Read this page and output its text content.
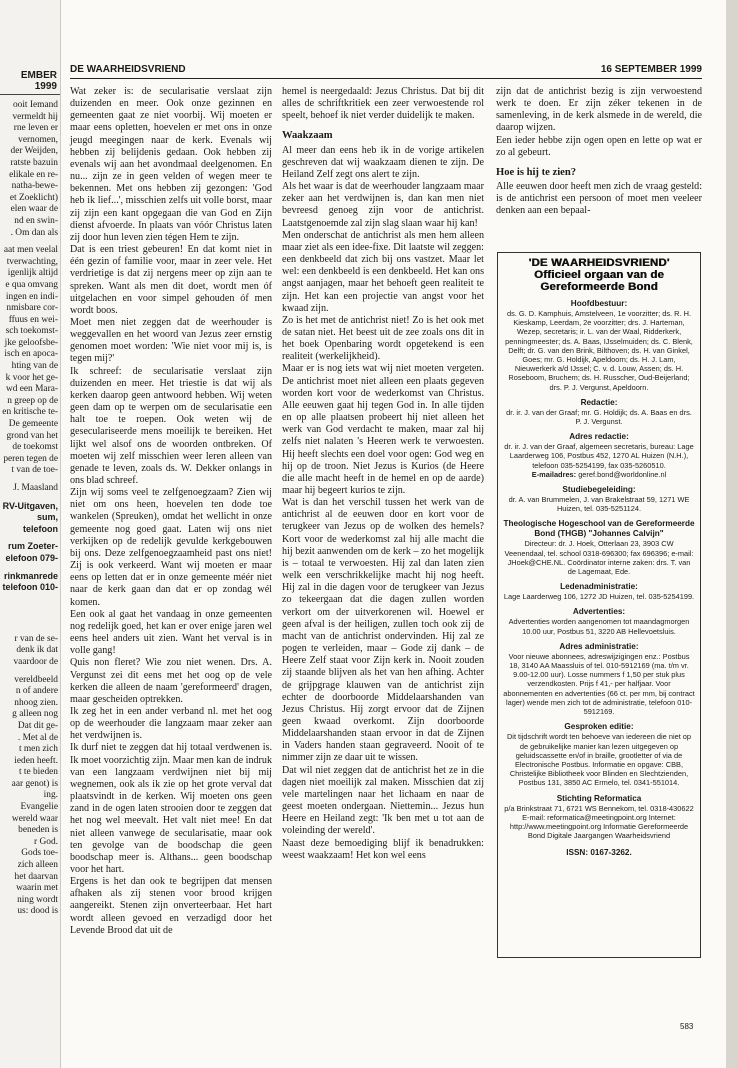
EMBER 1999

ooit Iemand
vermeldt hij
rne leven er
vernomen,
der Weijden,
ratste bazuin
elikale en re-
natha-bewe-
et Zoeklicht)
elen waar de
nd en swin-
. Om dan als

aat men veelal
tverwachting,
igenlijk altijd
e qua omvang
ingen en indi-
nmisbare cor-
ffuus en wei-
sch toekomst-
jke geloofsbe-
isch en apoca-
hting van de
k voor het ge-
wd een Mara-
n greep op de
en kritische te-
De gemeente
grond van het
de toekomst
peren tegen de
t van de toe-

J. Maasland

RV-Uitgaven,
sum, telefoon

rum Zoeter-
elefoon 079-

rinkmanrede
telefoon 010-

r van de se-
denk ik dat
vaardoor de

vereldbeeld
n of andere
nhoog zien.
g alleen nog
Dat dit ge-
. Met al de
t men zich
ieden heeft.
t te bieden
aar genot) is
ing.
Evangelie
wereld waar
beneden is
r God.
Gods toe-
zich alleen
het daarvan
waarin met
ning wordt
us: dood is

DE WAARHEIDSVRIEND	16 SEPTEMBER 1999

Wat zeker is: de secularisatie verslaat zijn duizenden en meer. Ook onze gezinnen en gemeenten gaat ze niet voorbij. Wij moeten er maar eens opletten, hoevelen er met ons in onze jeugd meegingen naar de kerk. Evenals wij hebben zij belijdenis gedaan. Ook hebben zij evenals wij aan het avondmaal deelgenomen. En nu... zijn ze in geen velden of wegen meer te bekennen. Met ons hebben zij gezongen: 'God heb ik lief...', misschien zelfs uit volle borst, maar zij zijn een kant opgegaan die van God en Zijn dienst afvoerde. In plaats van vóór Christus laten zij door hun leven zien tégen Hem te zijn.

Dat is een triest gebeuren! En dat komt niet in één gezin of familie voor, maar in zeer vele. Het verdrietige is dat zij nergens meer op zijn aan te spreken. Want als men dit doet, wordt men óf uitgelachen en voor simpel gehouden óf men wordt boos.

Moet men niet zeggen dat de weerhouder is weggevallen en het woord van Jezus zeer ernstig genomen moet worden: 'Wie niet voor mij is, is tegen mij?'

Ik schreef: de secularisatie verslaat zijn duizenden en meer. Het triestie is dat wij als kerken daarop geen antwoord hebben. Wij weten geen dam op te werpen om de secularisatie een halt toe te roepen. Ook weten wij de geseculariseerde mens moeilijk te bereiken. Het lijkt wel alsof ons de woorden ontbreken. Of moeten wij zelf misschien weer leren alleen van genade te leven, zoals ds. W. Dekker onlangs in ons blad schreef.

Zijn wij soms veel te zelfgenoegzaam? Zien wij niet om ons heen, hoevelen ten dode toe wankelen (Spreuken), omdat het wellicht in onze gemeente nog goed gaat. Laten wij ons niet verkijken op de redelijk gevulde kerkgebouwen bij ons. Deze zelfgenoegzaamheid past ons niet! Zij is ook verkeerd. Want wij moeten er maar eens op letten dat er in onze gemeente méér niet naar de kerk gaan dan dat er op zondag wél komen.

Een ook al gaat het vandaag in onze gemeenten nog redelijk goed, het kan er over enige jaren wel eens heel anders uit zien. Want het verval is in volle gang!

Quis non fleret? Wie zou niet wenen. Drs. A. Vergunst zei dit eens met het oog op de vele kerken die alleen de naam 'gereformeerd' dragen, maar gescheiden optrekken.

Ik zeg het in een ander verband nl. met het oog op de weerhouder die langzaam maar zeker aan het verdwijnen is.

Ik durf niet te zeggen dat hij totaal verdwenen is. Ik moet voorzichtig zijn. Maar men kan de indruk van een langzaam verdwijnen niet bij mij wegnemen, ook als ik zie op het grote verval dat plaatsvindt in de kerken. Wij moeten ons geen zand in de ogen laten strooien door te zeggen dat het nog wel meevalt. Het valt niet mee! En dat niet alleen vanwege de secularisatie, maar ook ten gevolge van de boodschap die geen boodschap meer is. Althans... geen boodschap voor het hart.

Ergens is het dan ook te begrijpen dat mensen afhaken als zij stenen voor brood krijgen aangereikt. Stenen zijn onverteerbaar. Het hart wordt alleen gevoed en verzadigd door het Levende Brood dat uit de

hemel is neergedaald: Jezus Christus. Dat bij dit alles de schriftkritiek een zeer verwoestende rol speelt, behoef ik niet verder duidelijk te maken.

Waakzaam

Al meer dan eens heb ik in de vorige artikelen geschreven dat wij waakzaam dienen te zijn. De Heiland Zelf zegt ons alert te zijn.

Als het waar is dat de weerhouder langzaam maar zeker aan het verdwijnen is, dan kan men niet bevreesd genoeg zijn voor de antichrist. Laatstgenoemde zal zijn slag slaan waar hij kan!

Men onderschat de antichrist als men hem alleen maar ziet als een idee-fixe. Dit laatste wil zeggen: een denkbeeld dat zich bij ons vastzet. Maar let wel: een denkbeeld is een denkbeeld. Het kan ons angst aanjagen, maar het behoeft geen realiteit te zijn. Het kan een projectie van angst voor het kwaad zijn.

Zo is het met de antichrist niet! Zo is het ook met de satan niet. Het beest uit de zee zoals ons dit in het boek Openbaring wordt opgetekend is een realiteit (werkelijkheid).

Maar er is nog iets wat wij niet moeten vergeten. De antichrist moet niet alleen een plaats gegeven worden kort voor de wederkomst van Christus. Alle eeuwen gaat hij tegen God in. In alle tijden en op alle plaatsen probeert hij niet alleen het werk van God verdacht te maken, maar zal hij zelfs niet nalaten 's Heeren werk te verwoesten. Hij heeft slechts een doel voor ogen: God weg en hij op de troon. Niet Jezus is Kurios (de Heere die alle macht heeft in de hemel en op de aarde) maar hij begeert kurios te zijn.

Wat is dan het verschil tussen het werk van de antichrist al de eeuwen door en kort voor de terugkeer van Jezus op de wolken des hemels? Kort voor de wederkomst zal hij alle macht die hij bezit aanwenden om de kerk – zo het mogelijk is – totaal te verwoesten. Hij zal dan laten zien welk een verschrikkelijke macht hij nog heeft. Hij zal in die dagen voor de terugkeer van Jezus zo tekeergaan dat die dagen zullen worden verkort om der uitverkorenen wil. Hoewel er geen afval is der heiligen, zullen toch ook zij de macht van de antichrist ondervinden. Hij zal ze pogen te verleiden, maar – Gode zij dank – de Heere Zelf staat voor Zijn kerk in. Nooit zouden zij staande blijven als het van hen afhing. Achter de grijpgrage klauwen van de antichrist zijn echter de doorboorde Middelaarshanden van Jezus Christus. Hij zorgt ervoor dat de Zijnen geen kwaad overkomt. Zijn doorboorde Middelaarshanden staan ervoor in dat de Zijnen in Vaders handen staan gegraveerd. Nooit of te nimmer zijn ze daar uit te wissen.

Dat wil niet zeggen dat de antichrist het ze in die dagen niet moeilijk zal maken. Misschien dat zij vele martelingen naar het lichaam en naar de geest moeten ondergaan. Niettemin... Jezus hun Heere en Heiland zegt: 'Ik ben met u tot aan de voleinding der wereld'.

Naast deze bemoediging blijf ik benadrukken: weest waakzaam! Het kon wel eens

zijn dat de antichrist bezig is zijn verwoestend werk te doen. Er zijn zéker tekenen in de samenleving, in de kerk alsmede in de wereld, die daarop wijzen.

Een ieder hebbe zijn ogen open en lette op wat er zo al gebeurt.

Hoe is hij te zien?

Alle eeuwen door heeft men zich de vraag gesteld: is de antichrist een persoon of moet men veeleer denken aan een bepaal-

'DE WAARHEIDSVRIEND'
Officieel orgaan van de
Gereformeerde Bond
Hoofdbestuur:
ds. G. D. Kamphuis, Amstelveen, 1e voorzitter; ds. R. H. Kieskamp, Leerdam, 2e voorzitter; drs. J. Harteman, Wezep, secretaris; ir. L. van der Waal, Ridderkerk, penningmeester; ds. A. Baas, IJsselmuiden; ds. C. Blenk, Delft; dr. G. van den Brink, Bilthoven; ds. H. van Ginkel, Goes; mr. G. Holdijk, Apeldoorn; ds. H. J. Lam, Nieuwerkerk a/d IJssel; C. v. d. Louw, Assen; ds. H. Roseboom, Bruchem; ds. H. Russcher, Oud-Beijerland; drs. P. J. Vergunst, Apeldoorn.
Redactie:
dr. ir. J. van der Graaf; mr. G. Holdijk; ds. A. Baas en drs. P. J. Vergunst.
Adres redactie:
dr. ir. J. van der Graaf, algemeen secretaris, bureau: Lage Laarderweg 106, Postbus 452, 1270 AL Huizen (N.H.), telefoon 035-5254199, fax 035-5260510.
E-mailadres: geref.bond@worldonline.nl
Studiebegeleiding:
dr. A. van Brummelen, J. van Brakelstraat 59, 1271 WE Huizen, tel. 035-5251124.
Theologische Hogeschool van de Gereformeerde Bond (THGB) "Johannes Calvijn"
Directeur: dr. J. Hoek, Otterlaan 23, 3903 CW Veenendaal, tel. school 0318-696300; fax 696396; e-mail: JHoek@CHE.NL. Coördinator interne zaken: drs. T. van de Lagemaat, Ede.
Ledenadministratie:
Lage Laarderweg 106, 1272 JD Huizen, tel. 035-5254199.
Advertenties:
Advertenties worden aangenomen tot maandagmorgen 10.00 uur, Postbus 51, 3220 AB Hellevoetsluis.
Adres administratie:
Voor nieuwe abonnees, adreswijzigingen enz.: Postbus 18, 3140 AA Maassluis of tel. 010-5912169 (ma. t/m vr. 9.00-12.00 uur). Losse nummers f 1,50 per stuk plus verzendkosten. Prijs f 41,- per halfjaar. Voor abonnementen en advertenties (66 ct. per mm, bij contract lager) wende men zich tot de administratie, telefoon 010-5912169.
Gesproken editie:
Dit tijdschrift wordt ten behoeve van iedereen die niet op de gebruikelijke manier kan lezen uitgegeven op geluidscassette en/of in braille, grootletter of via de Electronische Postbus. Informatie en opgave: CBB, Christelijke Bibliotheek voor Blinden en Slechtzienden, Postbus 131, 3850 AC Ermelo, tel. 0341-551014.
Stichting Reformatica
p/a Brinkstraat 71, 6721 WS Bennekom, tel. 0318-430622 E-mail: reformatica@meetingpoint.org Internet: http://www.meetingpoint.org Informatie Gereformeerde Bond Digitale Jaargangen Waarheidsvriend
ISSN: 0167-3262.
583
